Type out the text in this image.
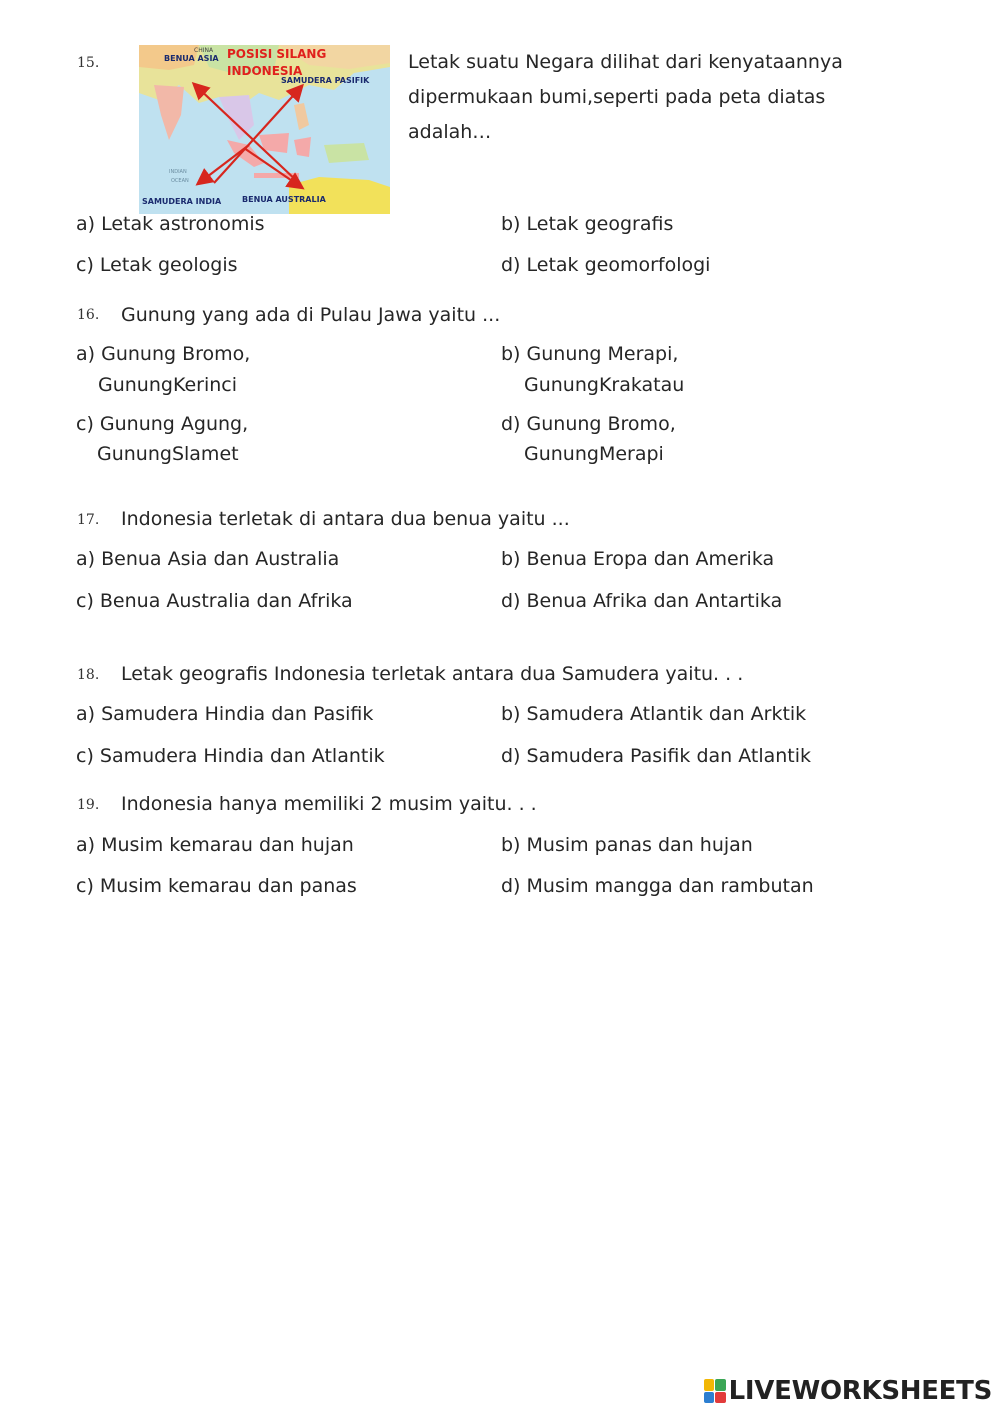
15.
CHINA
BENUA ASIA POSISI SILANG
INDONESIA
SAMUDERA PASIFIK
INDIAN
OCEAN
SAMUDERA INDIA	BENUA AUSTRALIA
Letak suatu Negara dilihat dari kenyataannya
dipermukaan bumi,seperti pada peta diatas
adalah…
a) Letak astronomis	b) Letak geografis
c) Letak geologis	d) Letak geomorfologi
16. Gunung yang ada di Pulau Jawa yaitu ...
a) Gunung Bromo,
GunungKerinci
b) Gunung Merapi,
GunungKrakatau
c) Gunung Agung,
GunungSlamet
d) Gunung Bromo,
GunungMerapi
17. Indonesia terletak di antara dua benua yaitu ...
a) Benua Asia dan Australia	b) Benua Eropa dan Amerika
c) Benua Australia dan Afrika	d) Benua Afrika dan Antartika
18. Letak geografis Indonesia terletak antara dua Samudera yaitu. . .
a) Samudera Hindia dan Pasifik	b) Samudera Atlantik dan Arktik
c) Samudera Hindia dan Atlantik	d) Samudera Pasifik dan Atlantik
19. Indonesia hanya memiliki 2 musim yaitu. . .
a) Musim kemarau dan hujan	b) Musim panas dan hujan
c) Musim kemarau dan panas	d) Musim mangga dan rambutan
LIVEWORKSHEETS
